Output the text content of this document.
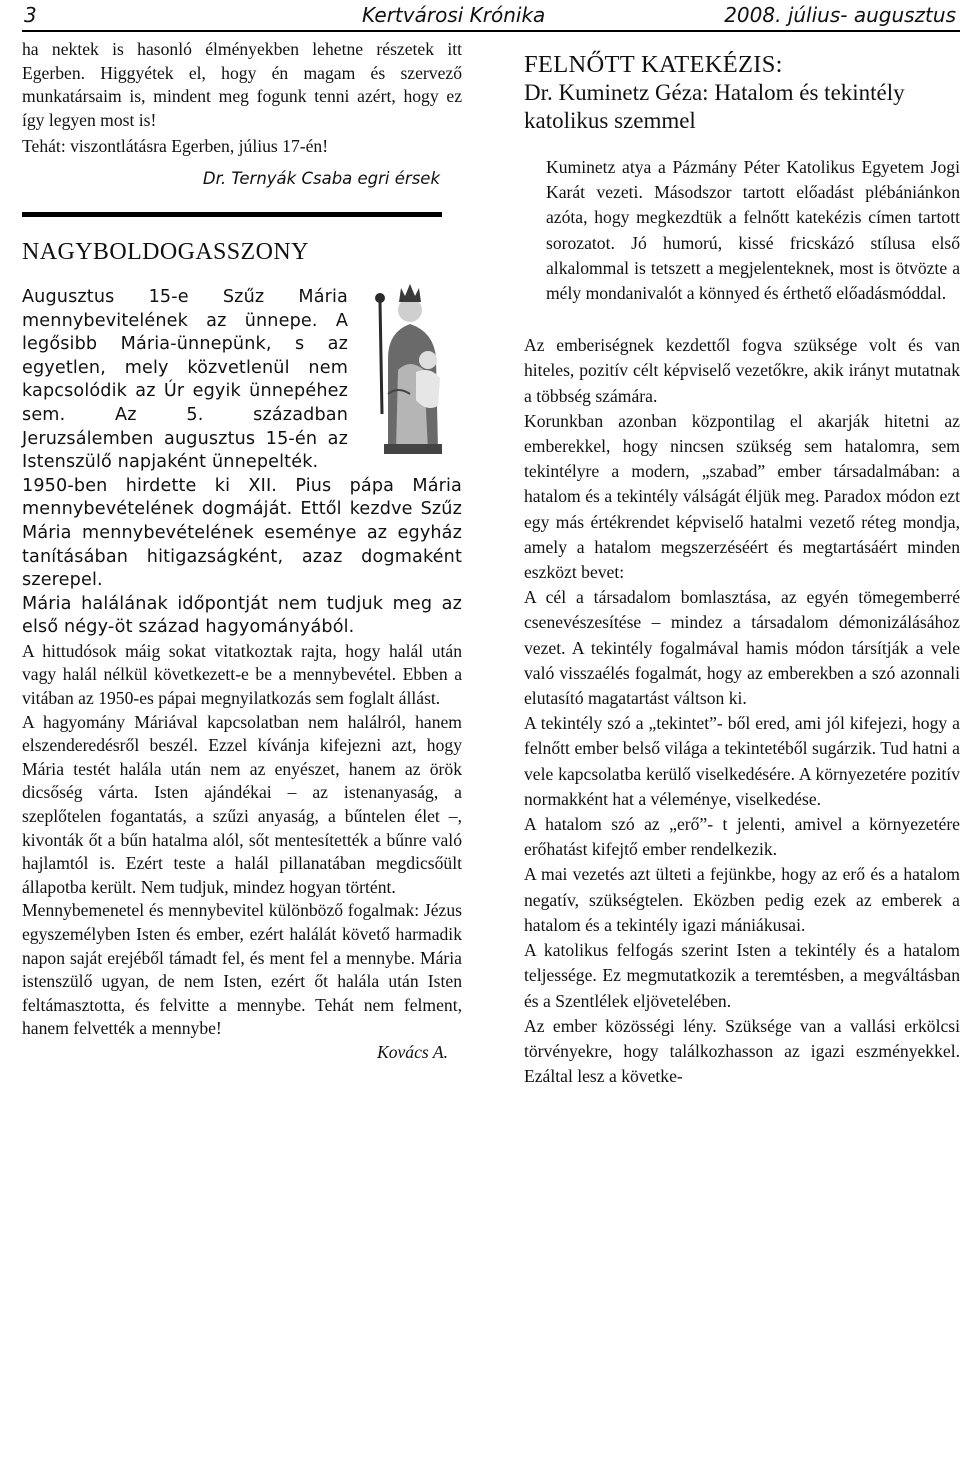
3	Kertvárosi Krónika	2008. július- augusztus

ha nektek is hasonló élményekben lehetne részetek itt Egerben. Higgyétek el, hogy én magam és szervező munkatársaim is, mindent meg fogunk tenni azért, hogy ez így legyen most is!

Tehát: viszontlátásra Egerben, július 17-én!

Dr. Ternyák Csaba egri érsek

NAGYBOLDOGASSZONY

Augusztus 15-e Szűz Mária mennybevitelének az ünnepe. A legősibb Mária-ünnepünk, s az egyetlen, mely közvetlenül nem kapcsolódik az Úr egyik ünnepéhez sem. Az 5. században Jeruzsálemben augusztus 15-én az Istenszülő napjaként ünnepelték.

1950-ben hirdette ki XII. Pius pápa Mária mennybevételének dogmáját. Ettől kezdve Szűz Mária mennybevételének eseménye az egyház tanításában hitigazságként, azaz dogmaként szerepel.

Mária halálának időpontját nem tudjuk meg az első négy-öt század hagyományából.

A hittudósok máig sokat vitatkoztak rajta, hogy halál után vagy halál nélkül következett-e be a mennybevétel. Ebben a vitában az 1950-es pápai megnyilatkozás sem foglalt állást.

A hagyomány Máriával kapcsolatban nem halálról, hanem elszenderedésről beszél. Ezzel kívánja kifejezni azt, hogy Mária testét halála után nem az enyészet, hanem az örök dicsőség várta. Isten ajándékai – az istenanyaság, a szeplőtelen fogantatás, a szűzi anyaság, a bűntelen élet –, kivonták őt a bűn hatalma alól, sőt mentesítették a bűnre való hajlamtól is. Ezért teste a halál pillanatában megdicsőült állapotba került. Nem tudjuk, mindez hogyan történt.

Mennybemenetel és mennybevitel különböző fogalmak: Jézus egyszemélyben Isten és ember, ezért halálát követő harmadik napon saját erejéből támadt fel, és ment fel a mennybe. Mária istenszülő ugyan, de nem Isten, ezért őt halála után Isten feltámasztotta, és felvitte a mennybe. Tehát nem felment, hanem felvették a mennybe!

Kovács A.

FELNŐTT KATEKÉZIS:
Dr. Kuminetz Géza: Hatalom és tekintély katolikus szemmel

Kuminetz atya a Pázmány Péter Katolikus Egyetem Jogi Karát vezeti. Másodszor tartott előadást plébániánkon azóta, hogy megkezdtük a felnőtt katekézis címen tartott sorozatot. Jó humorú, kissé fricskázó stílusa első alkalommal is tetszett a megjelenteknek, most is ötvözte a mély mondanivalót a könnyed és érthető előadásmóddal.

Az emberiségnek kezdettől fogva szüksége volt és van hiteles, pozitív célt képviselő vezetőkre, akik irányt mutatnak a többség számára.

Korunkban azonban központilag el akarják hitetni az emberekkel, hogy nincsen szükség sem hatalomra, sem tekintélyre a modern, „szabad” ember társadalmában: a hatalom és a tekintély válságát éljük meg. Paradox módon ezt egy más értékrendet képviselő hatalmi vezető réteg mondja, amely a hatalom megszerzéséért és megtartásáért minden eszközt bevet:

A cél a társadalom bomlasztása, az egyén tömegemberré csenevészesítése – mindez a társadalom démonizálásához vezet. A tekintély fogalmával hamis módon társítják a vele való visszaélés fogalmát, hogy az emberekben a szó azonnali elutasító magatartást váltson ki.

A tekintély szó a „tekintet”- ből ered, ami jól kifejezi, hogy a felnőtt ember belső világa a tekintetéből sugárzik. Tud hatni a vele kapcsolatba kerülő viselkedésére. A környezetére pozitív normakként hat a véleménye, viselkedése.

A hatalom szó az „erő”- t jelenti, amivel a környezetére erőhatást kifejtő ember rendelkezik.

A mai vezetés azt ülteti a fejünkbe, hogy az erő és a hatalom negatív, szükségtelen. Eközben pedig ezek az emberek a hatalom és a tekintély igazi mániákusai.

A katolikus felfogás szerint Isten a tekintély és a hatalom teljessége. Ez megmutatkozik a teremtésben, a megváltásban és a Szentlélek eljövetelében.

Az ember közösségi lény. Szüksége van a vallási erkölcsi törvényekre, hogy találkozhasson az igazi eszményekkel. Ezáltal lesz a követke-
